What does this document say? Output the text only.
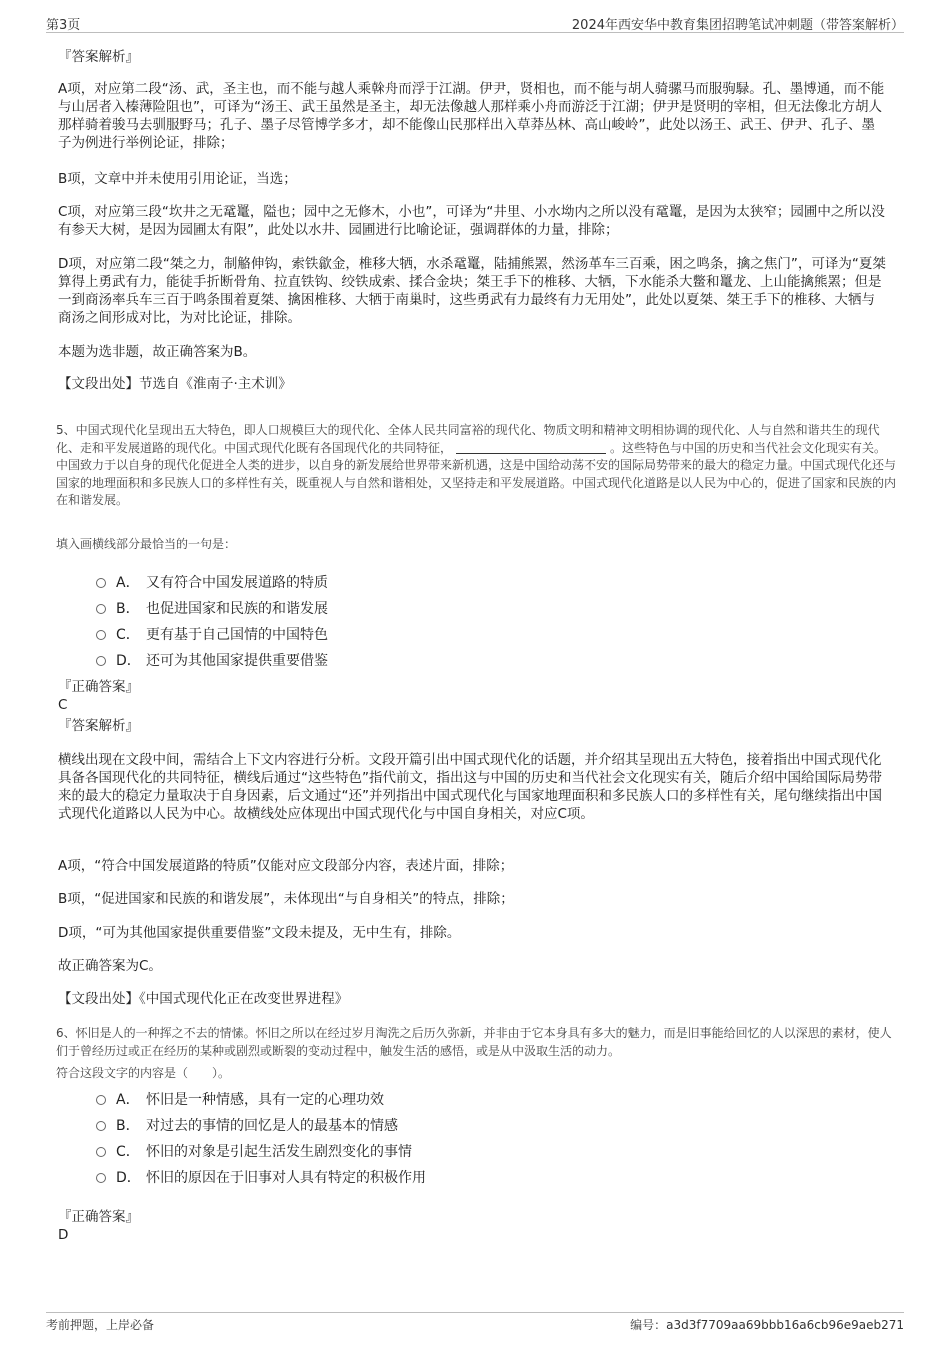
第3页	2024年西安华中教育集团招聘笔试冲刺题（带答案解析）
『答案解析』
A项，对应第二段“汤、武，圣主也，而不能与越人乘榦舟而浮于江湖。伊尹，贤相也，而不能与胡人骑骡马而服驹騄。孔、墨博通，而不能与山居者入榛薄险阻也”，可译为“汤王、武王虽然是圣主，却无法像越人那样乘小舟而游泛于江湖；伊尹是贤明的宰相，但无法像北方胡人那样骑着骏马去驯服野马；孔子、墨子尽管博学多才，却不能像山民那样出入草莽丛林、高山峻岭”，此处以汤王、武王、伊尹、孔子、墨子为例进行举例论证，排除；
B项，文章中并未使用引用论证，当选；
C项，对应第三段“坎井之无鼋鼍，隘也；园中之无修木，小也”，可译为“井里、小水坳内之所以没有鼋鼍，是因为太狭窄；园圃中之所以没有参天大树，是因为园圃太有限”，此处以水井、园圃进行比喻论证，强调群体的力量，排除；
D项，对应第二段“桀之力，制觡伸钩，索铁歙金，椎移大牺，水杀鼋鼍，陆捕熊罴，然汤革车三百乘，困之鸣条，擒之焦门”，可译为“夏桀算得上勇武有力，能徒手折断骨角、拉直铁钩、绞铁成索、揉合金块；桀王手下的椎移、大牺，下水能杀大鳖和鼍龙、上山能擒熊罴；但是一到商汤率兵车三百于鸣条围着夏桀、擒困椎移、大牺于南巢时，这些勇武有力最终有力无用处”，此处以夏桀、桀王手下的椎移、大牺与商汤之间形成对比，为对比论证，排除。
本题为选非题，故正确答案为B。
【文段出处】节选自《淮南子·主术训》
5、中国式现代化呈现出五大特色，即人口规模巨大的现代化、全体人民共同富裕的现代化、物质文明和精神文明相协调的现代化、人与自然和谐共生的现代化、走和平发展道路的现代化。中国式现代化既有各国现代化的共同特征，	。这些特色与中国的历史和当代社会文化现实有关。中国致力于以自身的现代化促进全人类的进步，以自身的新发展给世界带来新机遇，这是中国给动荡不安的国际局势带来的最大的稳定力量。中国式现代化还与国家的地理面积和多民族人口的多样性有关，既重视人与自然和谐相处，又坚持走和平发展道路。中国式现代化道路是以人民为中心的，促进了国家和民族的内在和谐发展。
填入画横线部分最恰当的一句是：
A． 又有符合中国发展道路的特质
B． 也促进国家和民族的和谐发展
C． 更有基于自己国情的中国特色
D． 还可为其他国家提供重要借鉴
『正确答案』
C
『答案解析』
横线出现在文段中间，需结合上下文内容进行分析。文段开篇引出中国式现代化的话题，并介绍其呈现出五大特色，接着指出中国式现代化具备各国现代化的共同特征，横线后通过“这些特色”指代前文，指出这与中国的历史和当代社会文化现实有关，随后介绍中国给国际局势带来的最大的稳定力量取决于自身因素，后文通过“还”并列指出中国式现代化与国家地理面积和多民族人口的多样性有关，尾句继续指出中国式现代化道路以人民为中心。故横线处应体现出中国式现代化与中国自身相关，对应C项。
A项，“符合中国发展道路的特质”仅能对应文段部分内容，表述片面，排除；
B项，“促进国家和民族的和谐发展”，未体现出“与自身相关”的特点，排除；
D项，“可为其他国家提供重要借鉴”文段未提及，无中生有，排除。
故正确答案为C。
【文段出处】《中国式现代化正在改变世界进程》
6、怀旧是人的一种挥之不去的情愫。怀旧之所以在经过岁月淘洗之后历久弥新，并非由于它本身具有多大的魅力，而是旧事能给回忆的人以深思的素材，使人们于曾经历过或正在经历的某种或剧烈或断裂的变动过程中，触发生活的感悟，或是从中汲取生活的动力。
符合这段文字的内容是（　　）。
A． 怀旧是一种情感，具有一定的心理功效
B． 对过去的事情的回忆是人的最基本的情感
C． 怀旧的对象是引起生活发生剧烈变化的事情
D． 怀旧的原因在于旧事对人具有特定的积极作用
『正确答案』
D
考前押题，上岸必备	编号：a3d3f7709aa69bbb16a6cb96e9aeb271
